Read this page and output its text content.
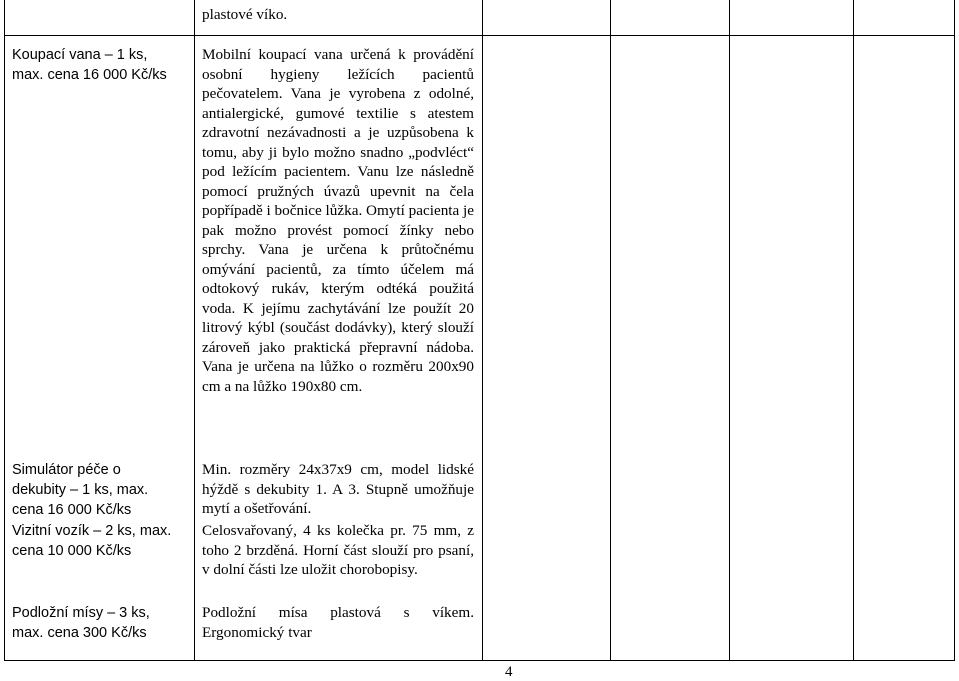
plastové víko.
Koupací vana – 1 ks,
max. cena 16 000 Kč/ks
Mobilní koupací vana určená k provádění osobní hygieny ležících pacientů pečovatelem. Vana je vyrobena z odolné, antialergické, gumové textilie s atestem zdravotní nezávadnosti a je uzpůsobena k tomu, aby ji bylo možno snadno „podvléct“ pod ležícím pacientem. Vanu lze následně pomocí pružných úvazů upevnit na čela popřípadě i bočnice lůžka. Omytí pacienta je pak možno provést pomocí žínky nebo sprchy. Vana je určena k průtočnému omývání pacientů, za tímto účelem má odtokový rukáv, kterým odtéká použitá voda. K jejímu zachytávání lze použít 20 litrový kýbl (součást dodávky), který slouží zároveň jako praktická přepravní nádoba. Vana je určena na lůžko o rozměru 200x90 cm a na lůžko 190x80 cm.
Simulátor péče o
dekubity – 1 ks, max.
cena 16 000 Kč/ks
Min. rozměry 24x37x9 cm, model lidské hýždě s dekubity 1. A 3. Stupně umožňuje mytí a ošetřování.
Vizitní vozík – 2 ks, max.
cena 10 000 Kč/ks
Celosvařovaný, 4 ks kolečka pr. 75 mm, z toho 2 brzděná. Horní část slouží pro psaní, v dolní části lze uložit chorobopisy.
Podložní mísy – 3 ks,
max. cena 300 Kč/ks
Podložní mísa plastová s víkem. Ergonomický tvar
4
